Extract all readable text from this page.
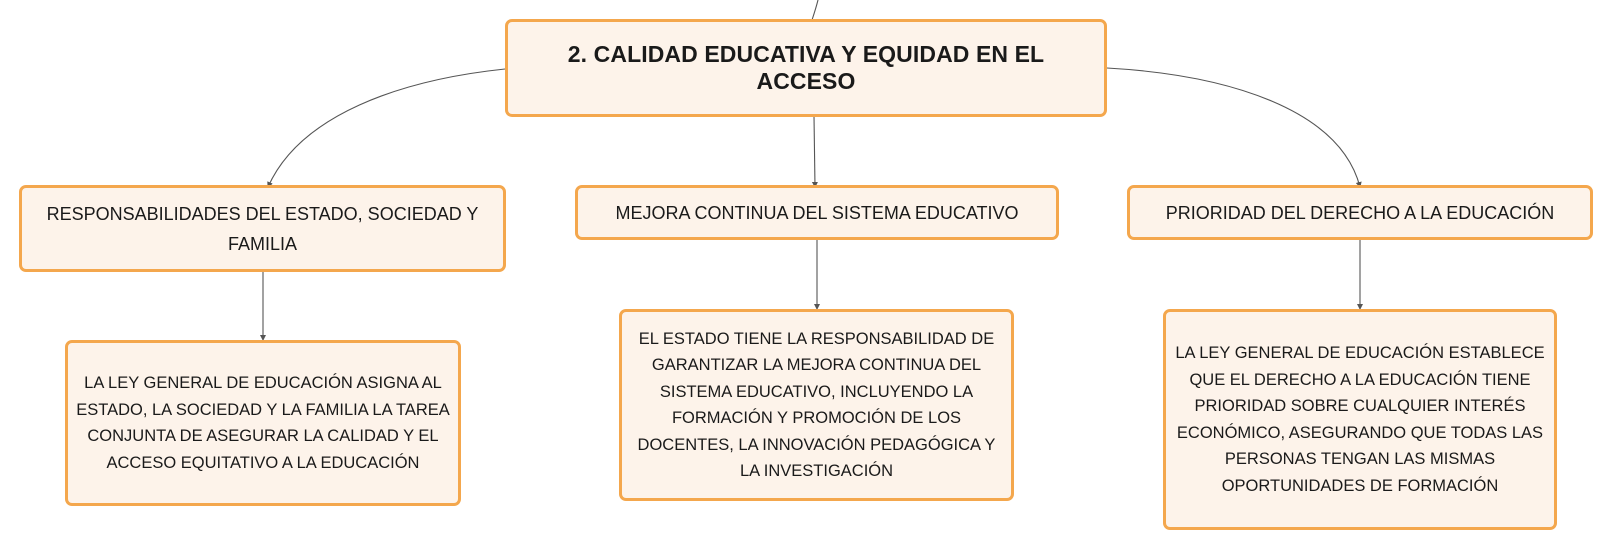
2. CALIDAD EDUCATIVA Y EQUIDAD EN EL ACCESO
RESPONSABILIDADES DEL ESTADO, SOCIEDAD Y FAMILIA
MEJORA CONTINUA DEL SISTEMA EDUCATIVO	PRIORIDAD DEL DERECHO A LA EDUCACIÓN
LA LEY GENERAL DE EDUCACIÓN ASIGNA AL ESTADO, LA SOCIEDAD Y LA FAMILIA LA TAREA CONJUNTA DE ASEGURAR LA CALIDAD Y EL ACCESO EQUITATIVO A LA EDUCACIÓN
EL ESTADO TIENE LA RESPONSABILIDAD DE GARANTIZAR LA MEJORA CONTINUA DEL SISTEMA EDUCATIVO, INCLUYENDO LA FORMACIÓN Y PROMOCIÓN DE LOS DOCENTES, LA INNOVACIÓN PEDAGÓGICA Y LA INVESTIGACIÓN
LA LEY GENERAL DE EDUCACIÓN ESTABLECE QUE EL DERECHO A LA EDUCACIÓN TIENE PRIORIDAD SOBRE CUALQUIER INTERÉS ECONÓMICO, ASEGURANDO QUE TODAS LAS PERSONAS TENGAN LAS MISMAS OPORTUNIDADES DE FORMACIÓN
